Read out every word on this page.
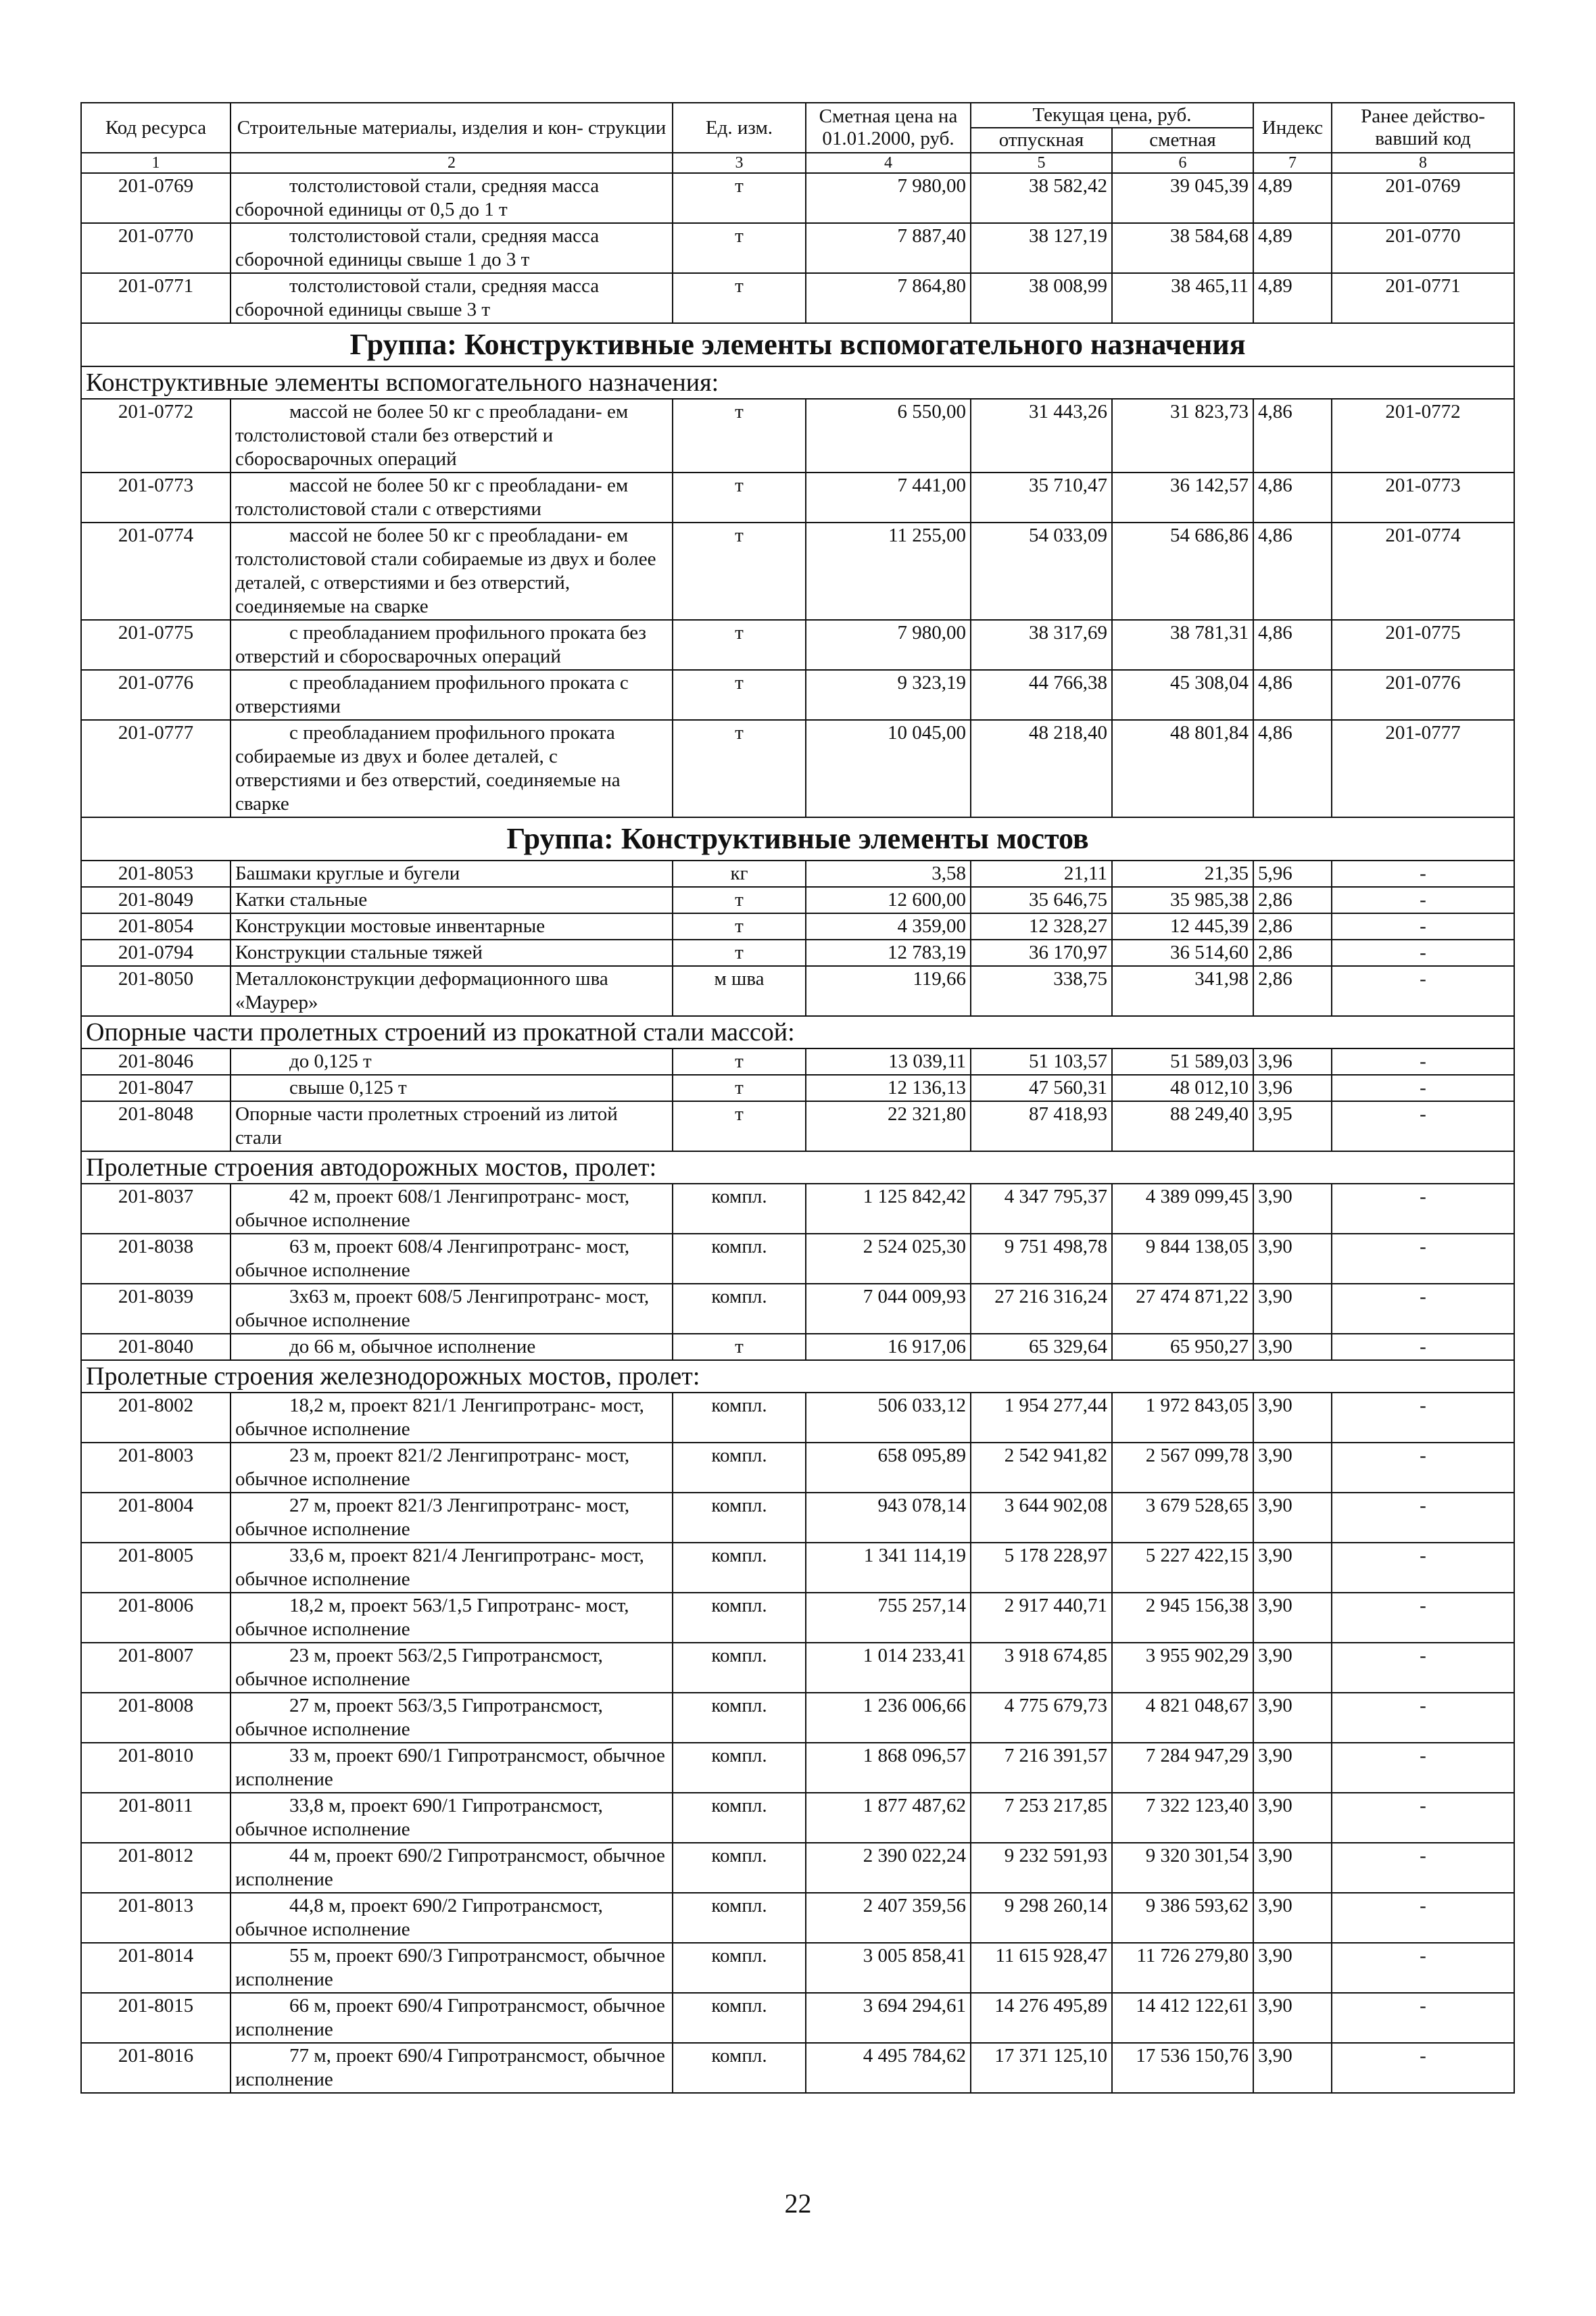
Код ресурса	Строительные материалы, изделия и кон- струкции	Ед. изм.	Сметная цена на 01.01.2000, руб.	Текущая цена, руб.		Индекс	Ранее действо- вавший код
				отпускная	сметная		
1	2	3	4	5	6	7	8
201-0769	толстолистовой стали, средняя масса сборочной единицы от 0,5 до 1 т	т	7 980,00	38 582,42	39 045,39	4,89	201-0769
201-0770	толстолистовой стали, средняя масса сборочной единицы свыше 1 до 3 т	т	7 887,40	38 127,19	38 584,68	4,89	201-0770
201-0771	толстолистовой стали, средняя масса сборочной единицы свыше 3 т	т	7 864,80	38 008,99	38 465,11	4,89	201-0771
Группа: Конструктивные элементы вспомогательного назначения							
Конструктивные элементы вспомогательного назначения:							
201-0772	массой не более 50 кг с преобладани- ем толстолистовой стали без отверстий и сборосварочных операций	т	6 550,00	31 443,26	31 823,73	4,86	201-0772
201-0773	массой не более 50 кг с преобладани- ем толстолистовой стали с отверстиями	т	7 441,00	35 710,47	36 142,57	4,86	201-0773
201-0774	массой не более 50 кг с преобладани- ем толстолистовой стали собираемые из двух и более деталей, с отверстиями и без отверстий, соединяемые на сварке	т	11 255,00	54 033,09	54 686,86	4,86	201-0774
201-0775	с преобладанием профильного проката без отверстий и сборосварочных операций	т	7 980,00	38 317,69	38 781,31	4,86	201-0775
201-0776	с преобладанием профильного проката с отверстиями	т	9 323,19	44 766,38	45 308,04	4,86	201-0776
201-0777	с преобладанием профильного проката собираемые из двух и более деталей, с отверстиями и без отверстий, соединяемые на сварке	т	10 045,00	48 218,40	48 801,84	4,86	201-0777
Группа: Конструктивные элементы мостов							
201-8053	Башмаки круглые и бугели	кг	3,58	21,11	21,35	5,96	-
201-8049	Катки стальные	т	12 600,00	35 646,75	35 985,38	2,86	-
201-8054	Конструкции мостовые инвентарные	т	4 359,00	12 328,27	12 445,39	2,86	-
201-0794	Конструкции стальные тяжей	т	12 783,19	36 170,97	36 514,60	2,86	-
201-8050	Металлоконструкции деформационного шва «Маурер»	м шва	119,66	338,75	341,98	2,86	-
Опорные части пролетных строений из прокатной стали массой:							
201-8046	до 0,125 т	т	13 039,11	51 103,57	51 589,03	3,96	-
201-8047	свыше 0,125 т	т	12 136,13	47 560,31	48 012,10	3,96	-
201-8048	Опорные части пролетных строений из литой стали	т	22 321,80	87 418,93	88 249,40	3,95	-
Пролетные строения автодорожных мостов, пролет:							
201-8037	42 м, проект 608/1 Ленгипротранс- мост, обычное исполнение	компл.	1 125 842,42	4 347 795,37	4 389 099,45	3,90	-
201-8038	63 м, проект 608/4 Ленгипротранс- мост, обычное исполнение	компл.	2 524 025,30	9 751 498,78	9 844 138,05	3,90	-
201-8039	3х63 м, проект 608/5 Ленгипротранс- мост, обычное исполнение	компл.	7 044 009,93	27 216 316,24	27 474 871,22	3,90	-
201-8040	до 66 м, обычное исполнение	т	16 917,06	65 329,64	65 950,27	3,90	-
Пролетные строения железнодорожных мостов, пролет:							
201-8002	18,2 м, проект 821/1 Ленгипротранс- мост, обычное исполнение	компл.	506 033,12	1 954 277,44	1 972 843,05	3,90	-
201-8003	23 м, проект 821/2 Ленгипротранс- мост, обычное исполнение	компл.	658 095,89	2 542 941,82	2 567 099,78	3,90	-
201-8004	27 м, проект 821/3 Ленгипротранс- мост, обычное исполнение	компл.	943 078,14	3 644 902,08	3 679 528,65	3,90	-
201-8005	33,6 м, проект 821/4 Ленгипротранс- мост, обычное исполнение	компл.	1 341 114,19	5 178 228,97	5 227 422,15	3,90	-
201-8006	18,2 м, проект 563/1,5 Гипротранс- мост, обычное исполнение	компл.	755 257,14	2 917 440,71	2 945 156,38	3,90	-
201-8007	23 м, проект 563/2,5 Гипротрансмост, обычное исполнение	компл.	1 014 233,41	3 918 674,85	3 955 902,29	3,90	-
201-8008	27 м, проект 563/3,5 Гипротрансмост, обычное исполнение	компл.	1 236 006,66	4 775 679,73	4 821 048,67	3,90	-
201-8010	33 м, проект 690/1 Гипротрансмост, обычное исполнение	компл.	1 868 096,57	7 216 391,57	7 284 947,29	3,90	-
201-8011	33,8 м, проект 690/1 Гипротрансмост, обычное исполнение	компл.	1 877 487,62	7 253 217,85	7 322 123,40	3,90	-
201-8012	44 м, проект 690/2 Гипротрансмост, обычное исполнение	компл.	2 390 022,24	9 232 591,93	9 320 301,54	3,90	-
201-8013	44,8 м, проект 690/2 Гипротрансмост, обычное исполнение	компл.	2 407 359,56	9 298 260,14	9 386 593,62	3,90	-
201-8014	55 м, проект 690/3 Гипротрансмост, обычное исполнение	компл.	3 005 858,41	11 615 928,47	11 726 279,80	3,90	-
201-8015	66 м, проект 690/4 Гипротрансмост, обычное исполнение	компл.	3 694 294,61	14 276 495,89	14 412 122,61	3,90	-
201-8016	77 м, проект 690/4 Гипротрансмост, обычное исполнение	компл.	4 495 784,62	17 371 125,10	17 536 150,76	3,90	-
22
